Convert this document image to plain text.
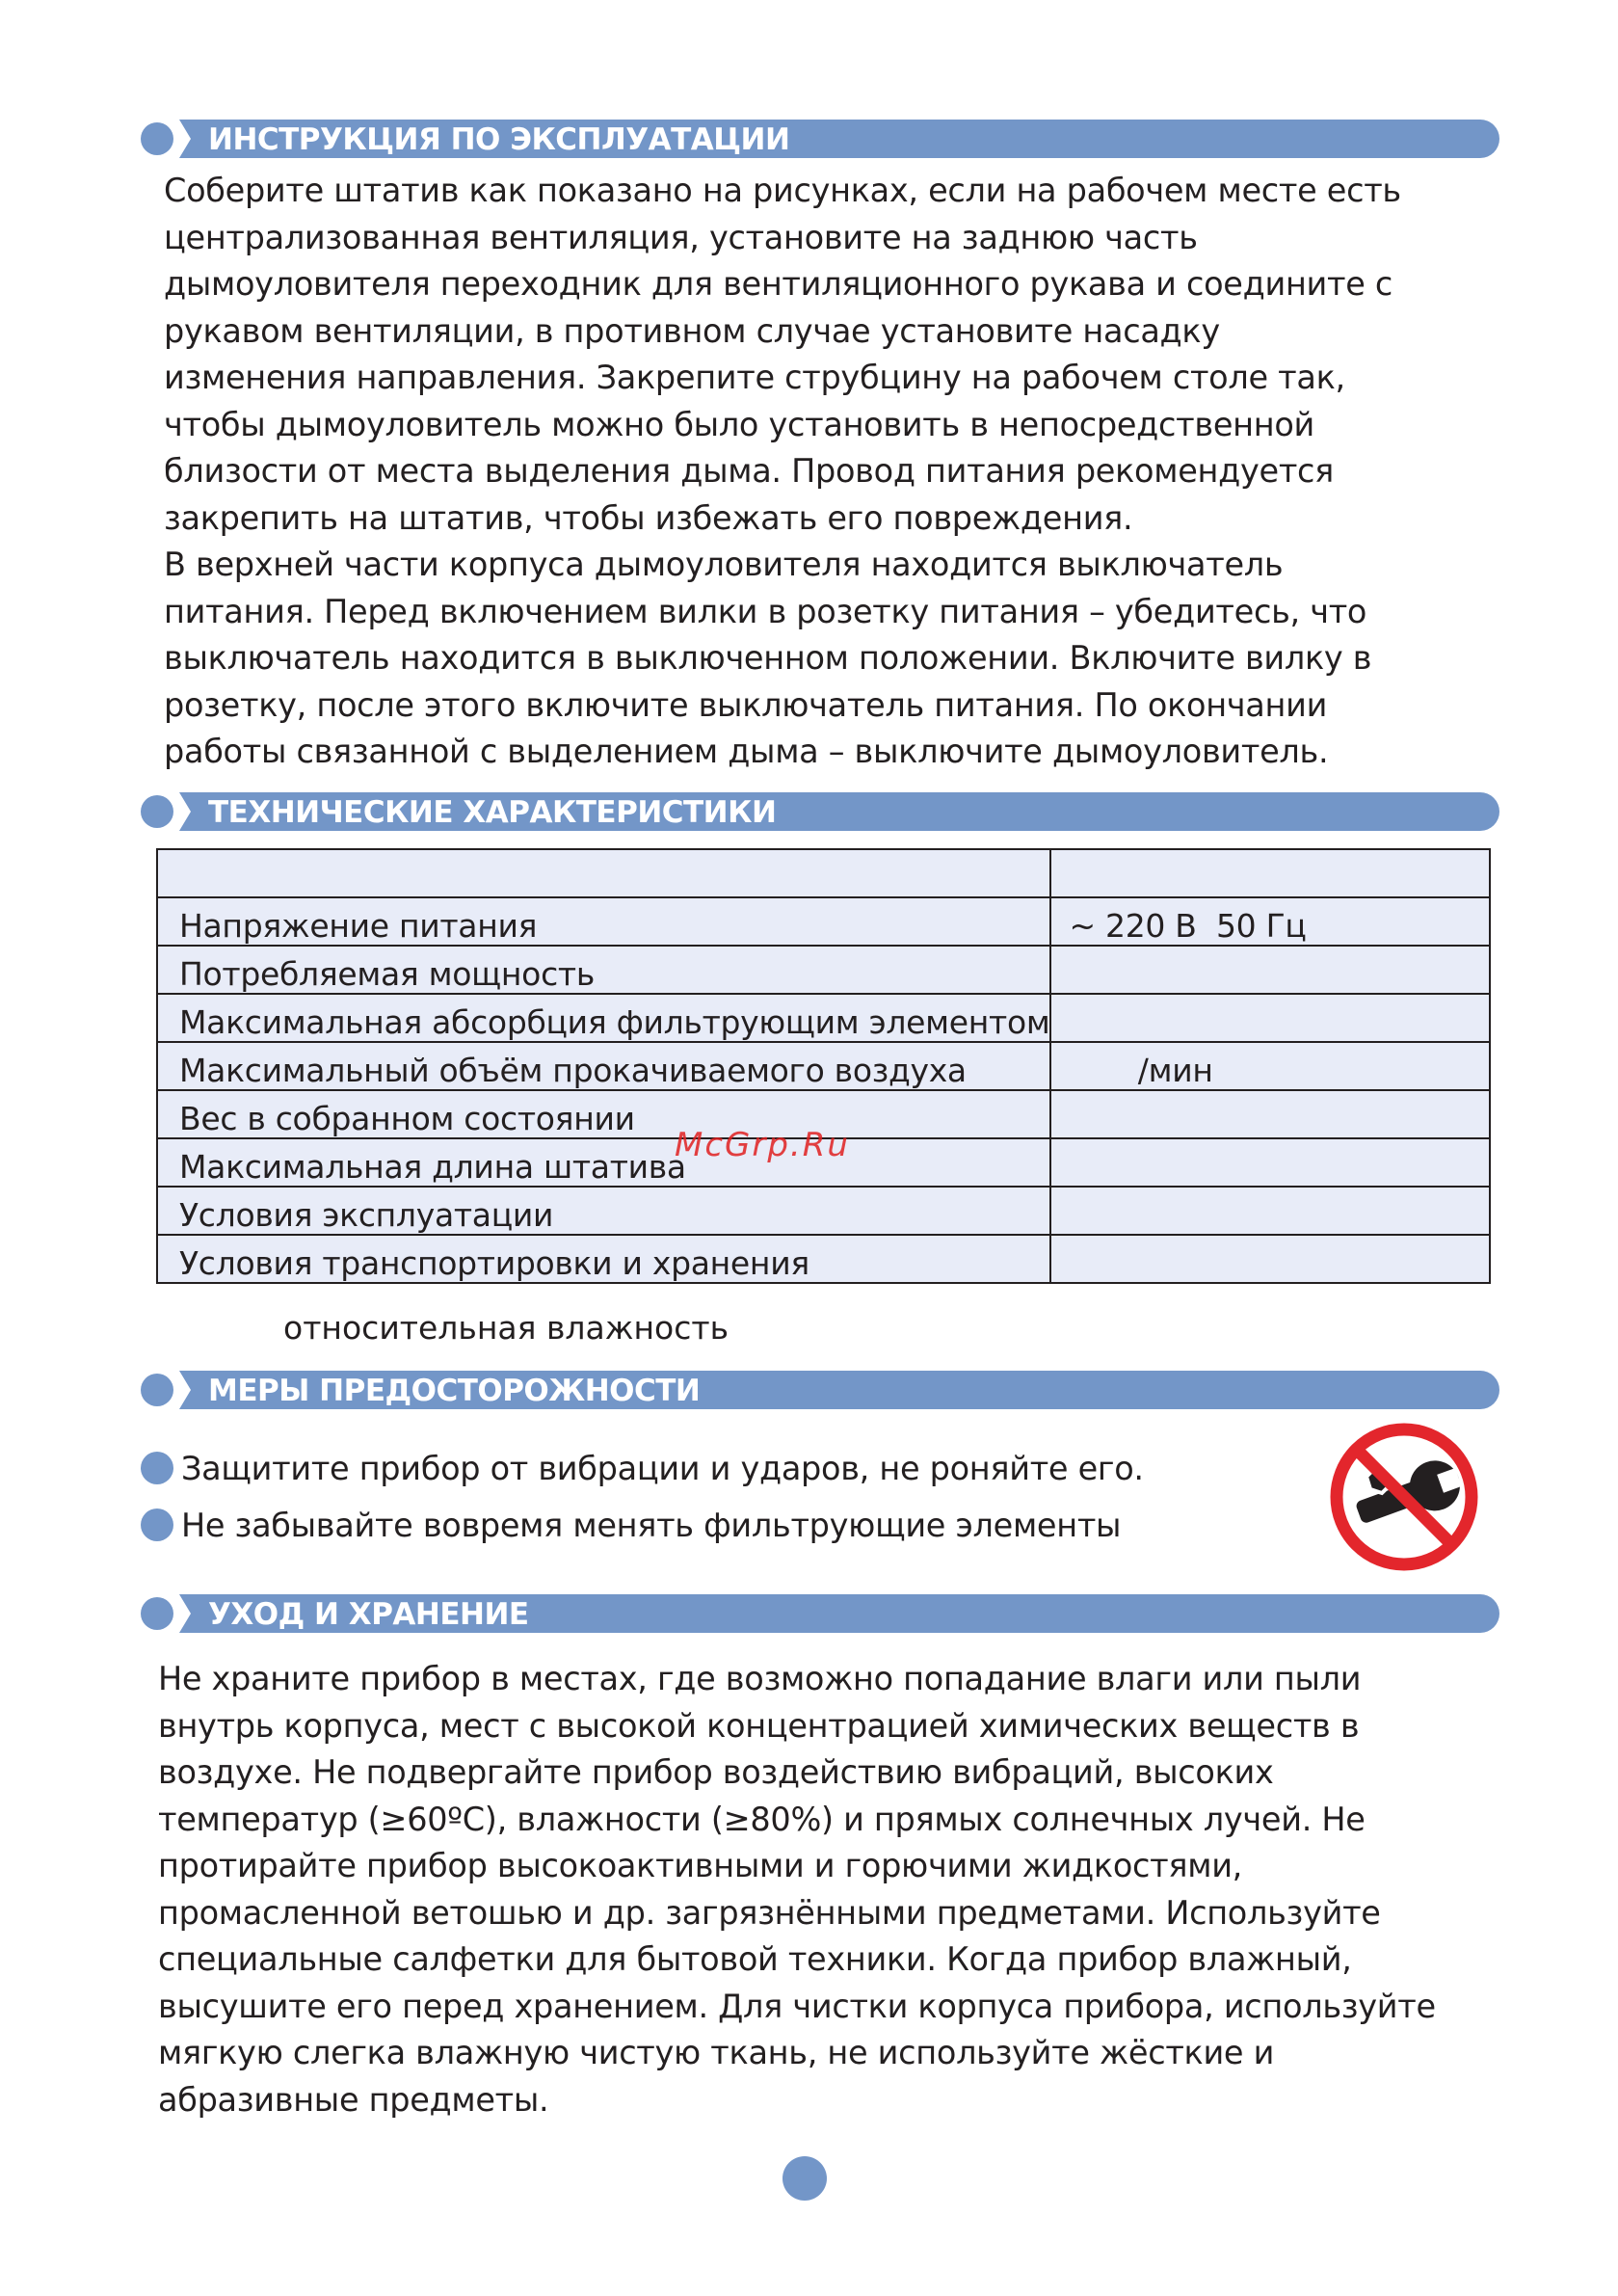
ИНСТРУКЦИЯ ПО ЭКСПЛУАТАЦИИ
Соберите штатив как показано на рисунках, если на рабочем месте есть
централизованная вентиляция, установите на заднюю часть
дымоуловителя переходник для вентиляционного рукава и соедините с
рукавом вентиляции, в противном случае установите насадку
изменения направления. Закрепите струбцину на рабочем столе так,
чтобы дымоуловитель можно было установить в непосредственной
близости от места выделения дыма. Провод питания рекомендуется
закрепить на штатив, чтобы избежать его повреждения.
В верхней части корпуса дымоуловителя находится выключатель
питания. Перед включением вилки в розетку питания – убедитесь, что
выключатель находится в выключенном положении. Включите вилку в
розетку, после этого включите выключатель питания. По окончании
работы связанной с выделением дыма – выключите дымоуловитель.
ТЕХНИЧЕСКИЕ ХАРАКТЕРИСТИКИ

Напряжение питания	~ 220 В  50 Гц
Потребляемая мощность	
Максимальная абсорбция фильтрующим элементом	
Максимальный объём прокачиваемого воздуха	/мин
Вес в собранном состоянии	
Максимальная длина штатива	
Условия эксплуатации	
Условия транспортировки и хранения	
относительная влажность
McGrp.Ru
МЕРЫ ПРЕДОСТОРОЖНОСТИ
Защитите прибор от вибрации и ударов, не роняйте его.
Не забывайте вовремя менять фильтрующие элементы
УХОД И ХРАНЕНИЕ
Не храните прибор в местах, где возможно попадание влаги или пыли
внутрь корпуса, мест с высокой концентрацией химических веществ в
воздухе. Не подвергайте прибор воздействию вибраций, высоких
температур (≥60ºС), влажности (≥80%) и прямых солнечных лучей. Не
протирайте прибор высокоактивными и горючими жидкостями,
промасленной ветошью и др. загрязнёнными предметами. Используйте
специальные салфетки для бытовой техники. Когда прибор влажный,
высушите его перед хранением. Для чистки корпуса прибора, используйте
мягкую слегка влажную чистую ткань, не используйте жёсткие и
абразивные предметы.
